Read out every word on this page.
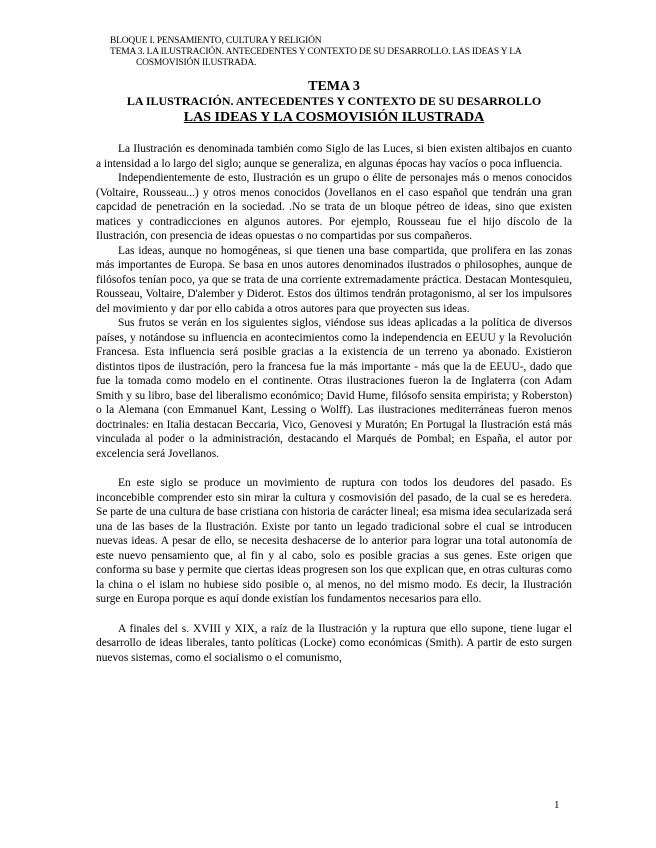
BLOQUE I. PENSAMIENTO, CULTURA Y RELIGIÓN
TEMA 3. LA ILUSTRACIÓN. ANTECEDENTES Y CONTEXTO DE SU DESARROLLO. LAS IDEAS Y LA
COSMOVISIÓN ILUSTRADA.
TEMA 3
LA ILUSTRACIÓN. ANTECEDENTES Y CONTEXTO DE SU DESARROLLO
LAS IDEAS Y LA COSMOVISIÓN ILUSTRADA

La Ilustración es denominada también como Siglo de las Luces, si bien existen altibajos en cuanto a intensidad a lo largo del siglo; aunque se generaliza, en algunas épocas hay vacíos o poca influencia.

Independientemente de esto, Ilustración es un grupo o élite de personajes más o menos conocidos (Voltaire, Rousseau...) y otros menos conocidos (Jovellanos en el caso español que tendrán una gran capcidad de penetración en la sociedad. .No se trata de un bloque pétreo de ideas, sino que existen matices y contradicciones en algunos autores. Por ejemplo, Rousseau fue el hijo díscolo de la Ilustración, con presencia de ideas opuestas o no compartidas por sus compañeros.

Las ideas, aunque no homogéneas, si que tienen una base compartida, que prolifera en las zonas más importantes de Europa. Se basa en unos autores denominados ilustrados o philosophes, aunque de filósofos tenían poco, ya que se trata de una corriente extremadamente práctica. Destacan Montesquieu, Rousseau, Voltaire, D'alember y Diderot. Estos dos últimos tendrán protagonismo, al ser los impulsores del movimiento y dar por ello cabida a otros autores para que proyecten sus ideas.

Sus frutos se verán en los siguientes siglos, viéndose sus ideas aplicadas a la política de diversos países, y notándose su influencia en acontecimientos como la independencia en EEUU y la Revolución Francesa. Esta influencia será posible gracias a la existencia de un terreno ya abonado. Existieron distintos tipos de ilustración, pero la francesa fue la más importante - más que la de EEUU-, dado que fue la tomada como modelo en el continente. Otras ilustraciones fueron la de Inglaterra (con Adam Smith y su libro, base del liberalismo económico; David Hume, filósofo sensita empirista; y Roberston) o la Alemana (con Emmanuel Kant, Lessing o Wolff). Las ilustraciones mediterráneas fueron menos doctrinales: en Italia destacan Beccaria, Vico, Genovesi y Muratón; En Portugal la Ilustración está más vinculada al poder o la administración, destacando el Marqués de Pombal; en España, el autor por excelencia será Jovellanos.

En este siglo se produce un movimiento de ruptura con todos los deudores del pasado. Es inconcebible comprender esto sin mirar la cultura y cosmovisión del pasado, de la cual se es heredera. Se parte de una cultura de base cristiana con historia de carácter lineal; esa misma idea secularizada será una de las bases de la Ilustración. Existe por tanto un legado tradicional sobre el cual se introducen nuevas ideas. A pesar de ello, se necesita deshacerse de lo anterior para lograr una total autonomía de este nuevo pensamiento que, al fin y al cabo, solo es posible gracias a sus genes. Este origen que conforma su base y permite que ciertas ideas progresen son los que explican que, en otras culturas como la china o el islam no hubiese sido posible o, al menos, no del mismo modo. Es decir, la Ilustración surge en Europa porque es aquí donde existían los fundamentos necesarios para ello.

A finales del s. XVIII y XIX, a raíz de la Ilustración y la ruptura que ello supone, tiene lugar el desarrollo de ideas liberales, tanto políticas (Locke) como económicas (Smith). A partir de esto surgen nuevos sistemas, como el socialismo o el comunismo,

1
